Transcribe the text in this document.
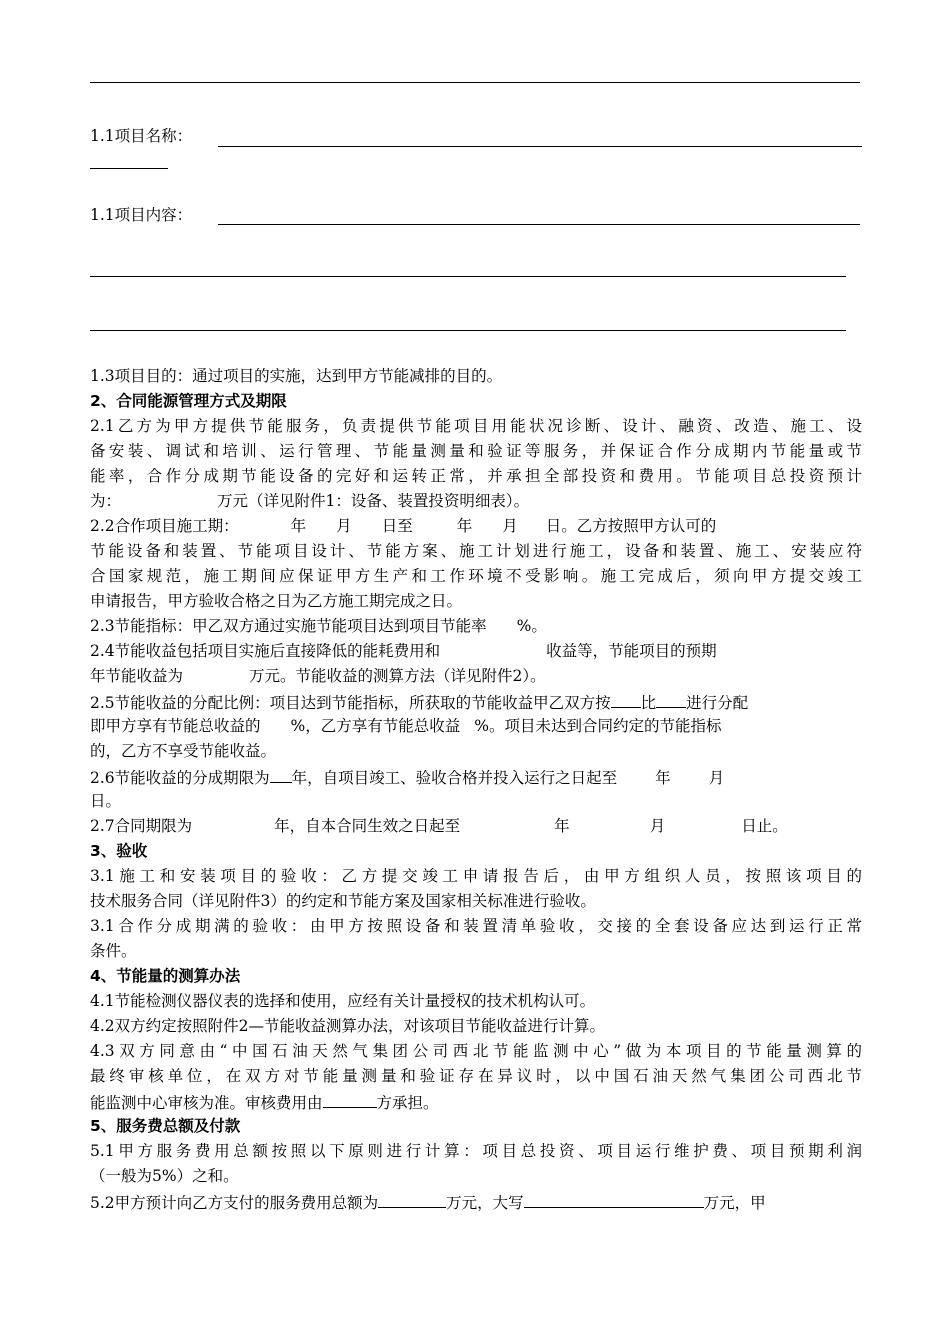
1.1项目名称：
1.1项目内容：
1.3项目目的：通过项目的实施，达到甲方节能减排的目的。
2、合同能源管理方式及期限
2.1乙方为甲方提供节能服务，负责提供节能项目用能状况诊断、设计、融资、改造、施工、设
备安装、调试和培训、运行管理、节能量测量和验证等服务，并保证合作分成期内节能量或节
能率，合作分成期节能设备的完好和运转正常，并承担全部投资和费用。节能项目总投资预计
为：	万元（详见附件1：设备、装置投资明细表）。
2.2合作项目施工期：	年 月 日至	年 月 日。乙方按照甲方认可的
节能设备和装置、节能项目设计、节能方案、施工计划进行施工，设备和装置、施工、安装应符
合国家规范，施工期间应保证甲方生产和工作环境不受影响。施工完成后，须向甲方提交竣工
申请报告，甲方验收合格之日为乙方施工期完成之日。
2.3节能指标：甲乙双方通过实施节能项目达到项目节能率 %。
2.4节能收益包括项目实施后直接降低的能耗费用和	收益等，节能项目的预期
年节能收益为	万元。节能收益的测算方法（详见附件2）。
2.5节能收益的分配比例：项目达到节能指标，所获取的节能收益甲乙双方按 比 进行分配
即甲方享有节能总收益的 %，乙方享有节能总收益 %。项目未达到合同约定的节能指标
的，乙方不享受节能收益。
2.6节能收益的分成期限为 年，自项目竣工、验收合格并投入运行之日起至 年 月
日。
2.7合同期限为	年，自本合同生效之日起至	年	月	日止。
3、验收
3.1施工和安装项目的验收：乙方提交竣工申请报告后，由甲方组织人员，按照该项目的
技术服务合同（详见附件3）的约定和节能方案及国家相关标准进行验收。
3.1合作分成期满的验收：由甲方按照设备和装置清单验收，交接的全套设备应达到运行正常
条件。
4、节能量的测算办法
4.1节能检测仪器仪表的选择和使用，应经有关计量授权的技术机构认可。
4.2双方约定按照附件2—节能收益测算办法，对该项目节能收益进行计算。
4.3双方同意由“中国石油天然气集团公司西北节能监测中心”做为本项目的节能量测算的
最终审核单位，在双方对节能量测量和验证存在异议时，以中国石油天然气集团公司西北节
能监测中心审核为准。审核费用由	方承担。
5、服务费总额及付款
5.1甲方服务费用总额按照以下原则进行计算：项目总投资、项目运行维护费、项目预期利润
（一般为5%）之和。
5.2甲方预计向乙方支付的服务费用总额为	万元，大写	万元，甲
